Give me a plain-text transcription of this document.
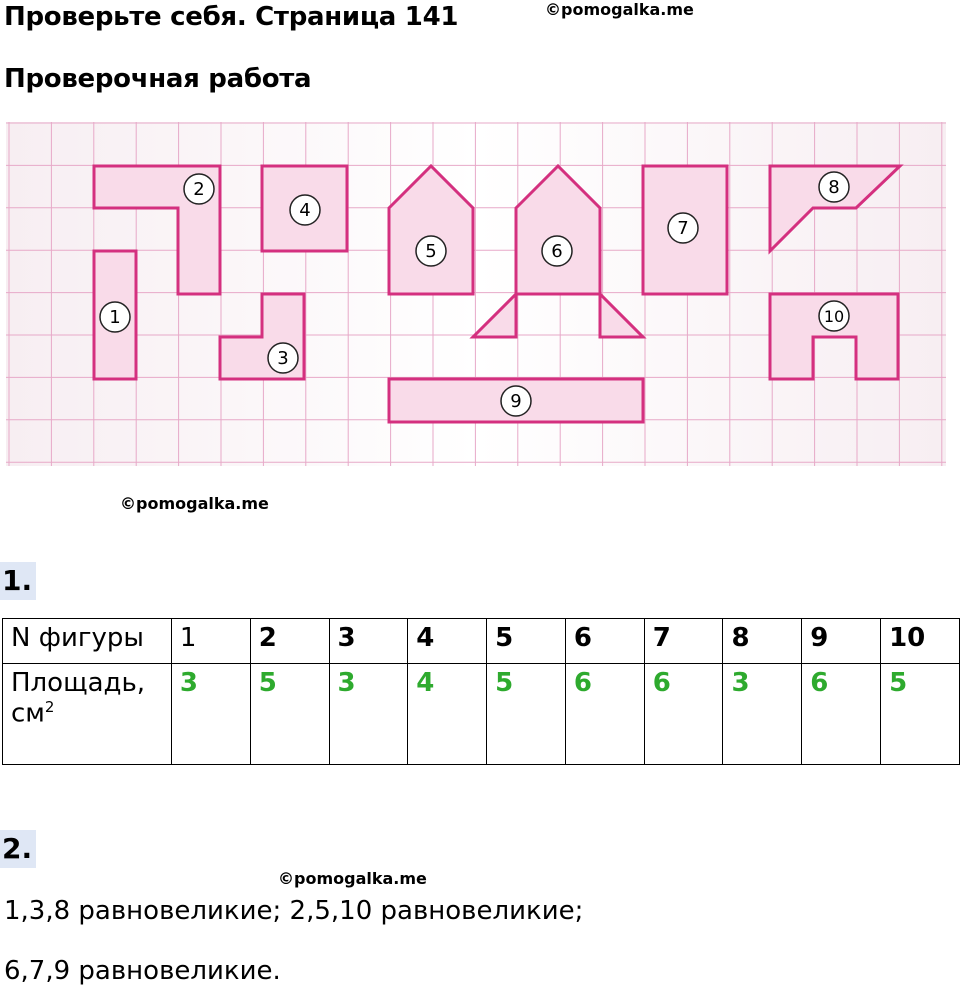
Проверьте себя. Страница 141	©pomogalka.me
Проверочная работа
1
2
3
4
5	6
7
8
9
10
©pomogalka.me
1.
N фигуры	1	2	3	4	5	6	7	8	9	10
Площадь,
$см^2$	3	5	3	4	5	6	6	3	6	5
2.
©pomogalka.me
1,3,8 равновеликие; 2,5,10 равновеликие;
6,7,9 равновеликие.
